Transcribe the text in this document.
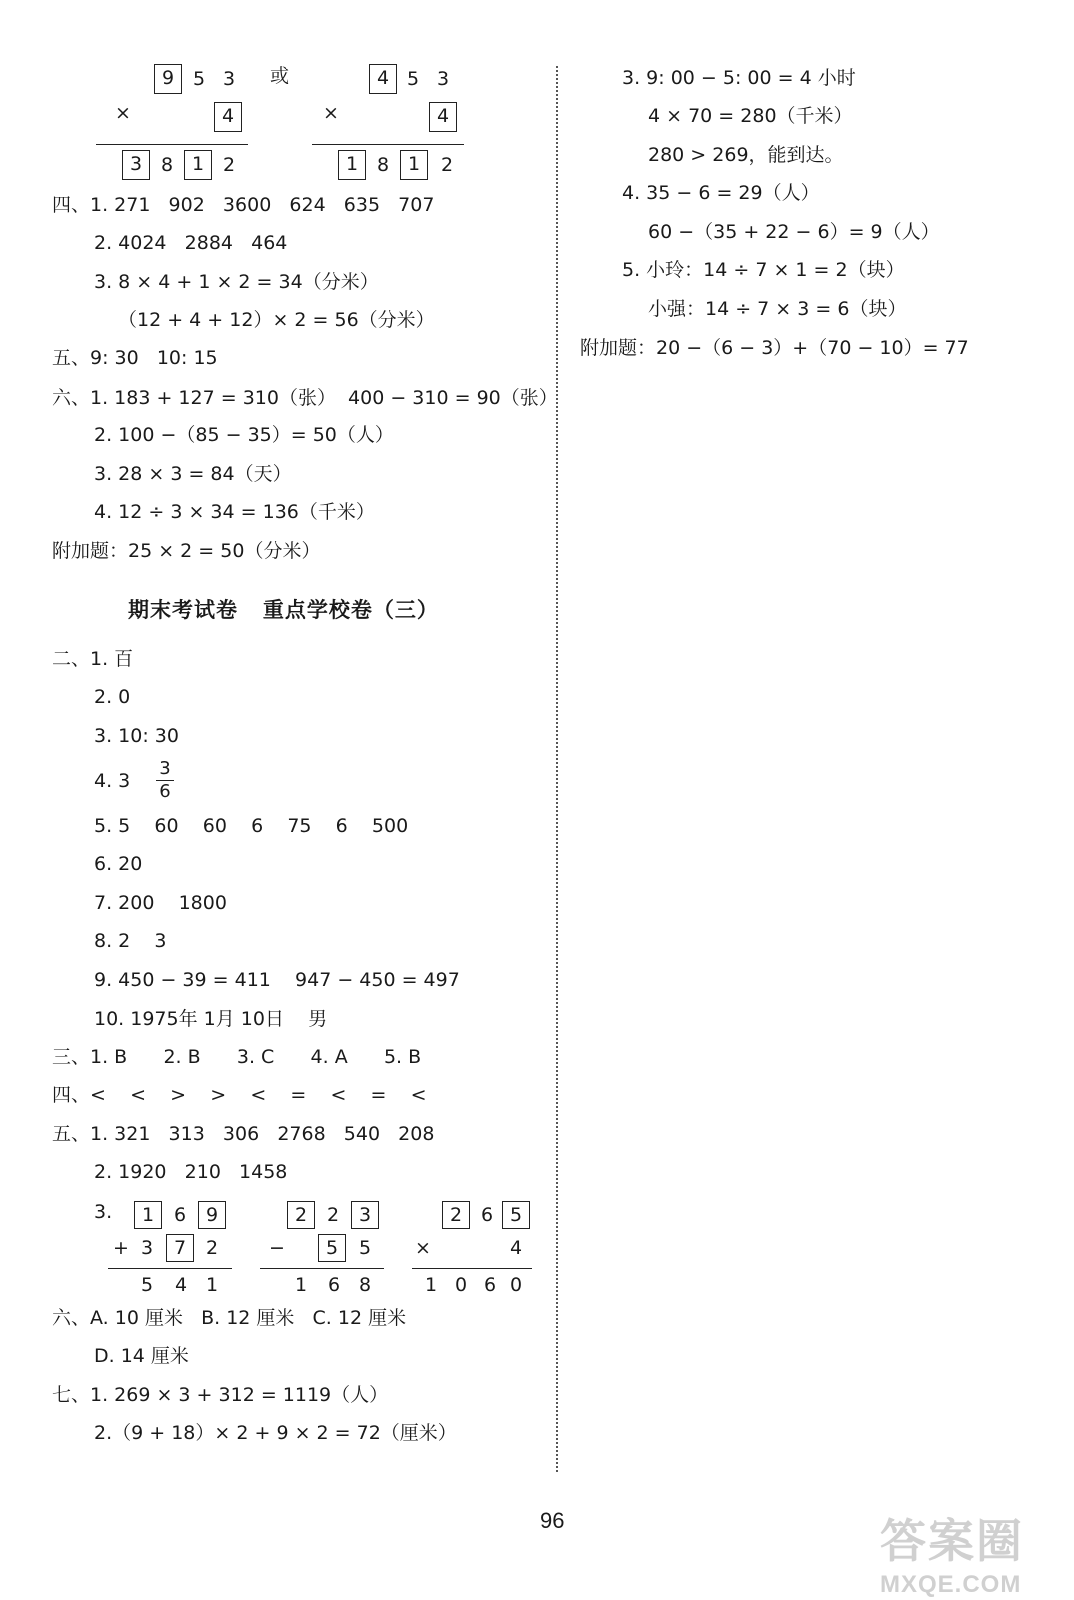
9 5 3
×	4
3 8 1 2
或	4 5 3
×	4
1 8 1	2
四、1. 271   902   3600   624   635   707
2. 4024   2884   464
3. 8 × 4 + 1 × 2 = 34（分米）
（12 + 4 + 12）× 2 = 56（分米）
五、9: 30   10: 15
六、1. 183 + 127 = 310（张）  400 − 310 = 90（张）
2. 100 −（85 − 35）= 50（人）
3. 28 × 3 = 84（天）
4. 12 ÷ 3 × 34 = 136（千米）
附加题：25 × 2 = 50（分米）
期末考试卷   重点学校卷（三）
二、1. 百
2. 0
3. 10: 30
4. 3
3
6
5. 5    60    60    6    75    6    500
6. 20
7. 200    1800
8. 2    3
9. 450 − 39 = 411    947 − 450 = 497
10. 1975年 1月 10日    男
三、1. B      2. B      3. C      4. A      5. B
四、<    <    >    >    <    =    <    =    <
五、1. 321   313   306   2768   540   208
2. 1920   210   1458
3.	1	6	9
+ 3	7	2
5 4 1
2	2	3
−	5	5
1 6 8
2 6 5
×	4
1 0 6 0
六、A. 10 厘米   B. 12 厘米   C. 12 厘米
D. 14 厘米
七、1. 269 × 3 + 312 = 1119（人）
2.（9 + 18）× 2 + 9 × 2 = 72（厘米）
3. 9: 00 − 5: 00 = 4 小时
4 × 70 = 280（千米）
280 > 269，能到达。
4. 35 − 6 = 29（人）
60 −（35 + 22 − 6）= 9（人）
5. 小玲：14 ÷ 7 × 1 = 2（块）
小强：14 ÷ 7 × 3 = 6（块）
附加题：20 −（6 − 3）+（70 − 10）= 77
96	答案圈
MXQE.COM
